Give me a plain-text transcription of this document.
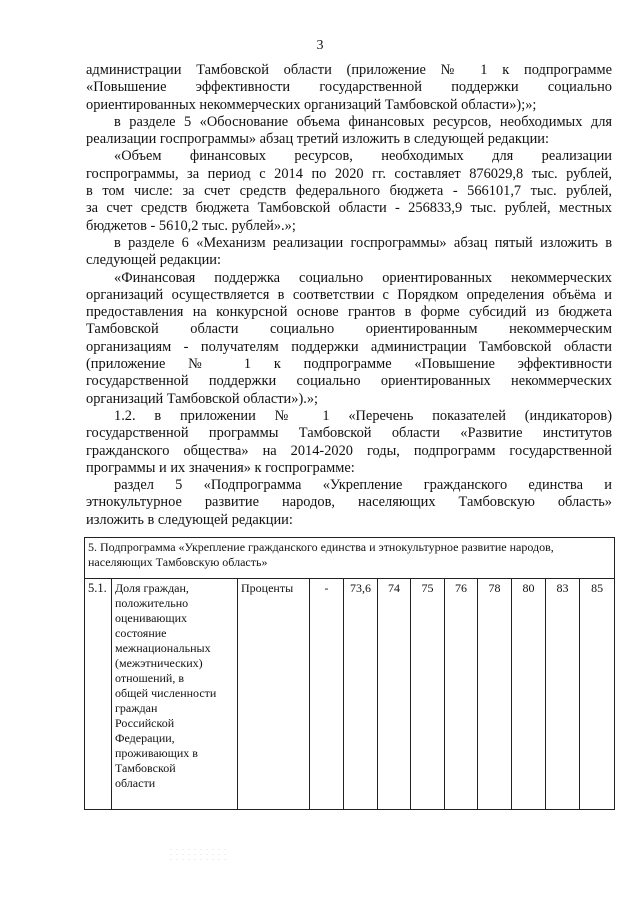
3

администрации Тамбовской области (приложение № 1 к подпрограмме

«Повышение эффективности государственной поддержки социально

ориентированных некоммерческих организаций Тамбовской области»);»;

в разделе 5 «Обоснование объема финансовых ресурсов, необходимых для

реализации госпрограммы» абзац третий изложить в следующей редакции:

«Объем финансовых ресурсов, необходимых для реализации

госпрограммы, за период с 2014 по 2020 гг. составляет 876029,8 тыс. рублей,

в том числе: за счет средств федерального бюджета - 566101,7 тыс. рублей,

за счет средств бюджета Тамбовской области - 256833,9 тыс. рублей, местных

бюджетов - 5610,2 тыс. рублей».»;

в разделе 6 «Механизм реализации госпрограммы» абзац пятый изложить в

следующей редакции:

«Финансовая поддержка социально ориентированных некоммерческих

организаций осуществляется в соответствии с Порядком определения объёма и

предоставления на конкурсной основе грантов в форме субсидий из бюджета

Тамбовской области социально ориентированным некоммерческим

организациям - получателям поддержки администрации Тамбовской области

(приложение № 1 к подпрограмме «Повышение эффективности

государственной поддержки социально ориентированных некоммерческих

организаций Тамбовской области»).»;

1.2. в приложении № 1 «Перечень показателей (индикаторов)

государственной программы Тамбовской области «Развитие институтов

гражданского общества» на 2014-2020 годы, подпрограмм государственной

программы и их значения» к госпрограмме:

раздел 5 «Подпрограмма «Укрепление гражданского единства и

этнокультурное развитие народов, населяющих Тамбовскую область»

изложить в следующей редакции:

5. Подпрограмма «Укрепление гражданского единства и этнокультурное развитие народов, населяющих Тамбовскую область»
5.1.	Доля граждан,
положительно
оценивающих
состояние
межнациональных
(межэтнических)
отношений, в
общей численности
граждан
Российской
Федерации,
проживающих в
Тамбовской
области
	Проценты	-	73,6	74	75	76	78	80	83	85
